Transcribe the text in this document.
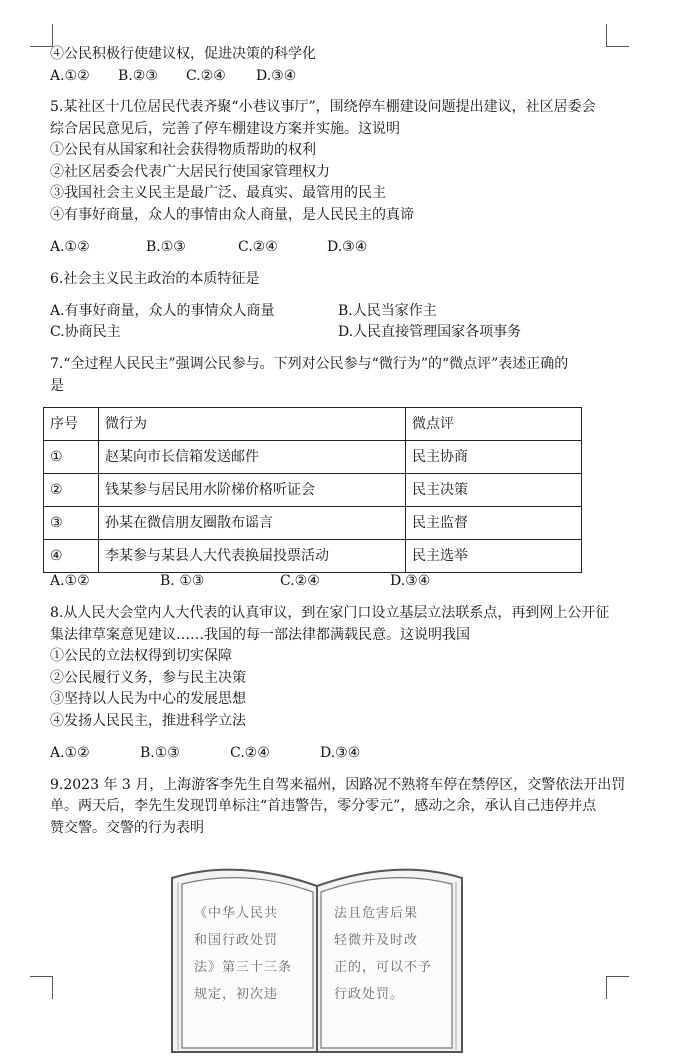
④公民积极行使建议权，促进决策的科学化
A.①② B.②③ C.②④ D.③④
5.某社区十几位居民代表齐聚“小巷议事厅”，围绕停车棚建设问题提出建议，社区居委会
综合居民意见后，完善了停车棚建设方案并实施。这说明
①公民有从国家和社会获得物质帮助的权利
②社区居委会代表广大居民行使国家管理权力
③我国社会主义民主是最广泛、最真实、最管用的民主
④有事好商量，众人的事情由众人商量，是人民民主的真谛
A.①②	B.①③	C.②④	D.③④
6.社会主义民主政治的本质特征是
A.有事好商量，众人的事情众人商量	B.人民当家作主
C.协商民主	D.人民直接管理国家各项事务
7.“全过程人民民主”强调公民参与。下列对公民参与“微行为”的“微点评”表述正确的
是
序号	微行为	微点评
①	赵某向市长信箱发送邮件	民主协商
②	钱某参与居民用水阶梯价格听证会	民主决策
③	孙某在微信朋友圈散布谣言	民主监督
④	李某参与某县人大代表换届投票活动	民主选举
A.①②	B. ①③	C.②④	D.③④
8.从人民大会堂内人大代表的认真审议，到在家门口设立基层立法联系点，再到网上公开征
集法律草案意见建议……我国的每一部法律都满载民意。这说明我国
①公民的立法权得到切实保障
②公民履行义务，参与民主决策
③坚持以人民为中心的发展思想
④发扬人民民主，推进科学立法
A.①②	B.①③	C.②④	D.③④
9.2023 年 3 月，上海游客李先生自驾来福州，因路况不熟将车停在禁停区，交警依法开出罚
单。两天后，李先生发现罚单标注“首违警告，零分零元”，感动之余，承认自己违停并点
赞交警。交警的行为表明
《中华人民共
和国行政处罚
法》第三十三条
规定，初次违
法且危害后果
轻微并及时改
正的，可以不予
行政处罚。
